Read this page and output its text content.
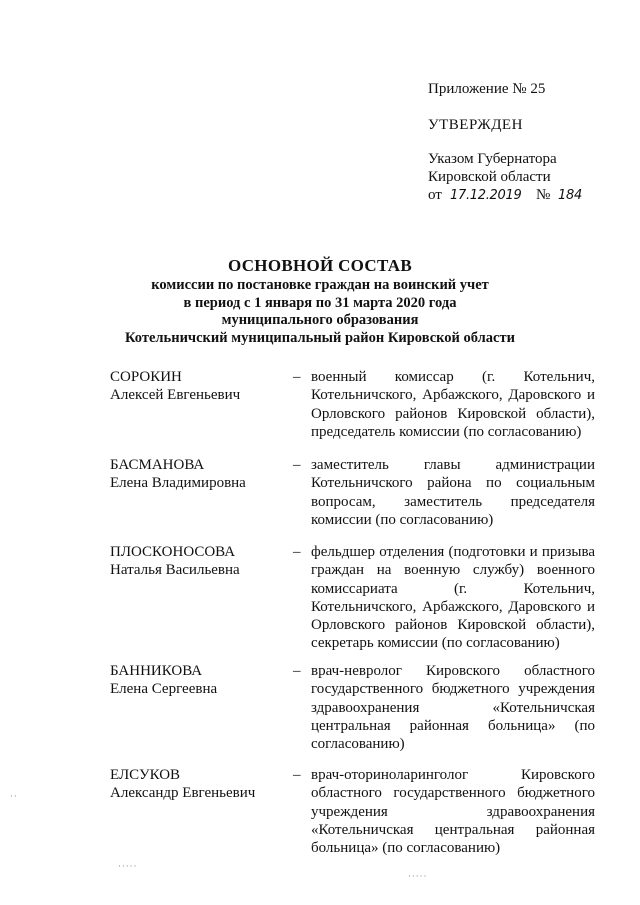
Приложение № 25
УТВЕРЖДЕН
Указом Губернатора
Кировской области
от 17.12.2019 № 184
ОСНОВНОЙ СОСТАВ
комиссии по постановке граждан на воинский учет
в период с 1 января по 31 марта 2020 года
муниципального образования
Котельничский муниципальный район Кировской области
СОРОКИН
Алексей Евгеньевич
– военный комиссар (г. Котельнич, Котельничского, Арбажского, Даровского и Орловского районов Кировской области), председатель комиссии (по согласованию)
БАСМАНОВА
Елена Владимировна
– заместитель главы администрации Котельничского района по социальным вопросам, заместитель председателя комиссии (по согласованию)
ПЛОСКОНОСОВА
Наталья Васильевна
– фельдшер отделения (подготовки и призыва граждан на военную службу) военного комиссариата (г. Котельнич, Котельничского, Арбажского, Даровского и Орловского районов Кировской области), секретарь комиссии (по согласованию)
БАННИКОВА
Елена Сергеевна
– врач-невролог Кировского областного государственного бюджетного учреждения здравоохранения «Котельничская центральная районная больница» (по согласованию)
ЕЛСУКОВ
Александр Евгеньевич
– врач-оториноларинголог Кировского областного государственного бюджетного учреждения здравоохранения «Котельничская центральная районная больница» (по согласованию)
··
·····
·····
